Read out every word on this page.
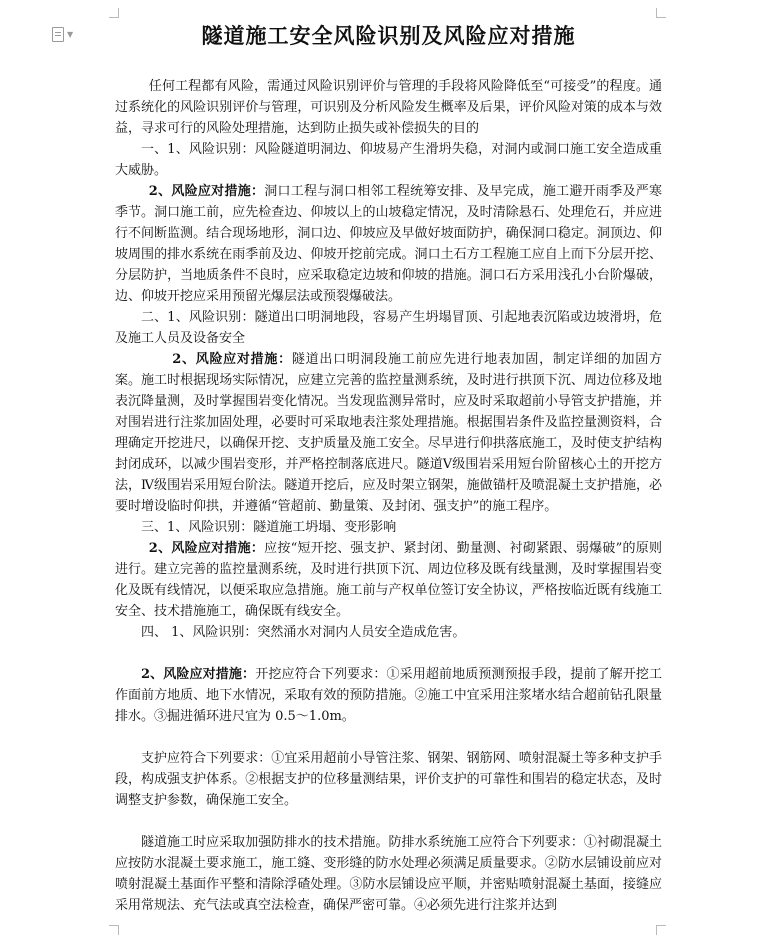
▼	隧道施工安全风险识别及风险应对措施

任何工程都有风险，需通过风险识别评价与管理的手段将风险降低至“可接受”的程度。通过系统化的风险识别评价与管理，可识别及分析风险发生概率及后果，评价风险对策的成本与效益，寻求可行的风险处理措施，达到防止损失或补偿损失的目的

一、1、风险识别：风险隧道明洞边、仰坡易产生滑坍失稳，对洞内或洞口施工安全造成重大威胁。

2、风险应对措施：洞口工程与洞口相邻工程统筹安排、及早完成，施工避开雨季及严寒季节。洞口施工前，应先检查边、仰坡以上的山坡稳定情况，及时清除悬石、处理危石，并应进行不间断监测。结合现场地形，洞口边、仰坡应及早做好坡面防护，确保洞口稳定。洞顶边、仰坡周围的排水系统在雨季前及边、仰坡开挖前完成。洞口土石方工程施工应自上而下分层开挖、分层防护，当地质条件不良时，应采取稳定边坡和仰坡的措施。洞口石方采用浅孔小台阶爆破，边、仰坡开挖应采用预留光爆层法或预裂爆破法。

二、1、风险识别：隧道出口明洞地段，容易产生坍塌冒顶、引起地表沉陷或边坡滑坍，危及施工人员及设备安全

2、风险应对措施：隧道出口明洞段施工前应先进行地表加固，制定详细的加固方案。施工时根据现场实际情况，应建立完善的监控量测系统，及时进行拱顶下沉、周边位移及地表沉降量测，及时掌握围岩变化情况。当发现监测异常时，应及时采取超前小导管支护措施，并对围岩进行注浆加固处理，必要时可采取地表注浆处理措施。根据围岩条件及监控量测资料，合理确定开挖进尺，以确保开挖、支护质量及施工安全。尽早进行仰拱落底施工，及时使支护结构封闭成环，以减少围岩变形，并严格控制落底进尺。隧道Ⅴ级围岩采用短台阶留核心土的开挖方法，Ⅳ级围岩采用短台阶法。隧道开挖后，应及时架立钢架，施做锚杆及喷混凝土支护措施，必要时增设临时仰拱，并遵循“管超前、勤量策、及封闭、强支护”的施工程序。

三、1、风险识别：隧道施工坍塌、变形影响

2、风险应对措施：应按“短开挖、强支护、紧封闭、勤量测、衬砌紧跟、弱爆破”的原则进行。建立完善的监控量测系统，及时进行拱顶下沉、周边位移及既有线量测，及时掌握围岩变化及既有线情况，以便采取应急措施。施工前与产权单位签订安全协议，严格按临近既有线施工安全、技术措施施工，确保既有线安全。

四、 1、风险识别：突然涌水对洞内人员安全造成危害。

2、风险应对措施：开挖应符合下列要求：①采用超前地质预测预报手段，提前了解开挖工作面前方地质、地下水情况，采取有效的预防措施。②施工中宜采用注浆堵水结合超前钻孔限量排水。③掘进循环进尺宜为 0.5～1.0m。

支护应符合下列要求：①宜采用超前小导管注浆、钢架、钢筋网、喷射混凝土等多种支护手段，构成强支护体系。②根据支护的位移量测结果，评价支护的可靠性和围岩的稳定状态，及时调整支护参数，确保施工安全。

隧道施工时应采取加强防排水的技术措施。防排水系统施工应符合下列要求：①衬砌混凝土应按防水混凝土要求施工，施工缝、变形缝的防水处理必须满足质量要求。②防水层铺设前应对喷射混凝土基面作平整和清除浮碴处理。③防水层铺设应平顺，并密贴喷射混凝土基面，接缝应采用常规法、充气法或真空法检查，确保严密可靠。④必须先进行注浆并达到
